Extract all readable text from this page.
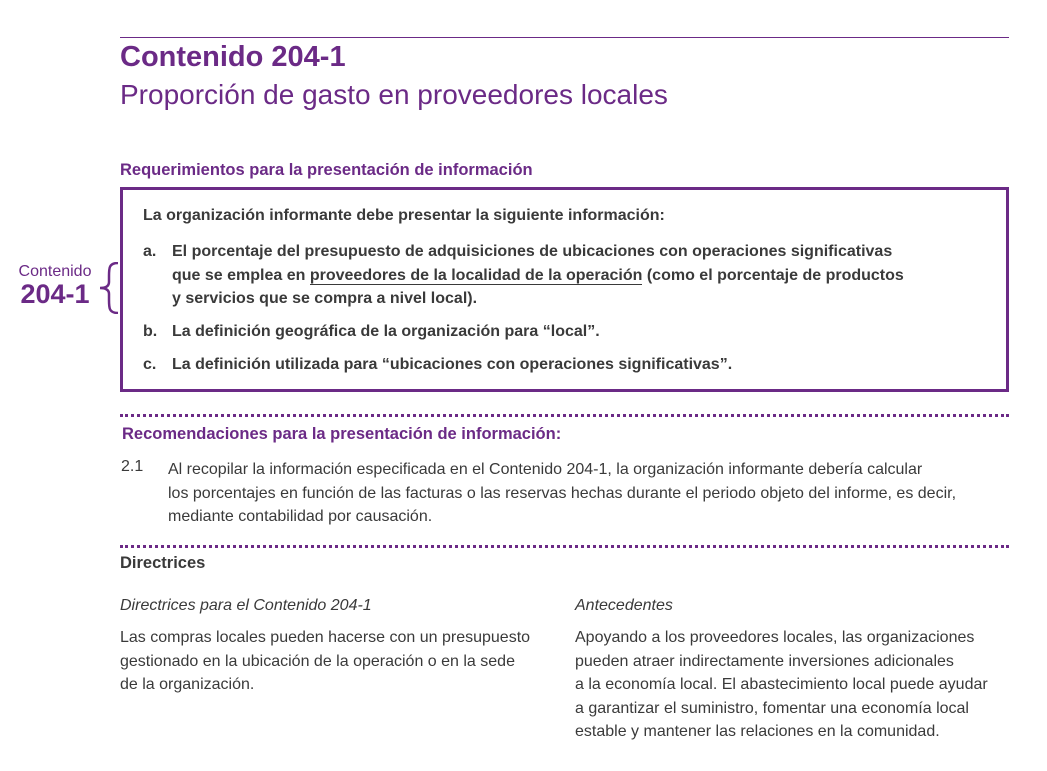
Contenido 204-1
Proporción de gasto en proveedores locales
Requerimientos para la presentación de información
Contenido
204-1
La organización informante debe presentar la siguiente información:
a. El porcentaje del presupuesto de adquisiciones de ubicaciones con operaciones significativas
que se emplea en proveedores de la localidad de la operación (como el porcentaje de productos
y servicios que se compra a nivel local).
b. La definición geográfica de la organización para “local”.
c. La definición utilizada para “ubicaciones con operaciones significativas”.
Recomendaciones para la presentación de información:
2.1 Al recopilar la información especificada en el Contenido 204-1, la organización informante debería calcular
los porcentajes en función de las facturas o las reservas hechas durante el periodo objeto del informe, es decir,
mediante contabilidad por causación.
Directrices
Directrices para el Contenido 204-1
Las compras locales pueden hacerse con un presupuesto
gestionado en la ubicación de la operación o en la sede
de la organización.
Antecedentes
Apoyando a los proveedores locales, las organizaciones
pueden atraer indirectamente inversiones adicionales
a la economía local. El abastecimiento local puede ayudar
a garantizar el suministro, fomentar una economía local
estable y mantener las relaciones en la comunidad.
